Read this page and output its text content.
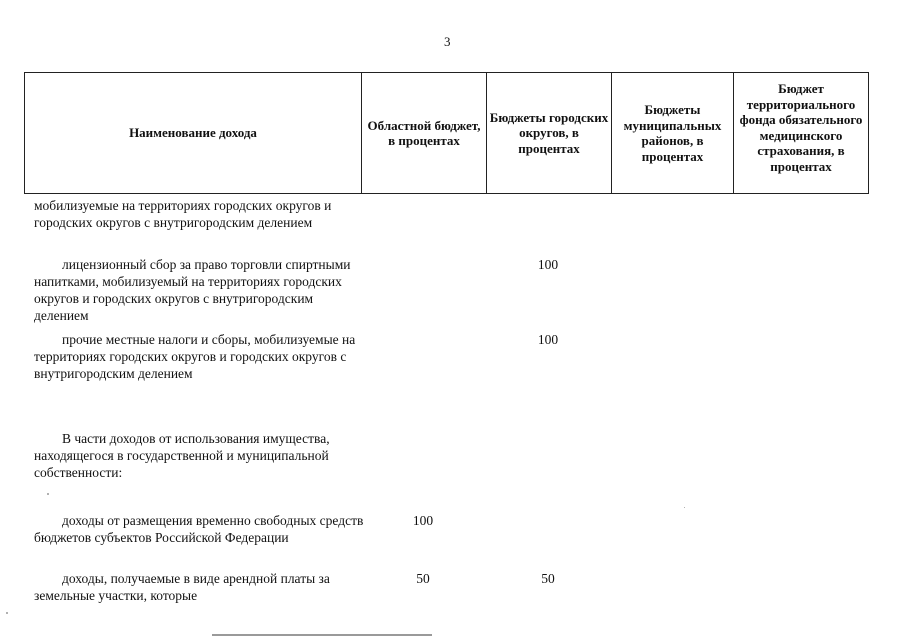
3
Наименование дохода
Областной бюджет, в процентах
Бюджеты городских округов, в процентах
Бюджеты муниципальных районов, в процентах
Бюджет территориального фонда обязательного медицинского страхования, в процентах
мобилизуемые на территориях городских округов и городских округов с внутригородским делением
лицензионный сбор за право торговли спиртными напитками, мобилизуемый на территориях городских округов и городских округов с внутригородским делением
100
прочие местные налоги и сборы, мобилизуемые на территориях городских округов и городских округов с внутригородским делением
100
В части доходов от использования имущества, находящегося в государственной и муниципальной собственности:
доходы от размещения временно свободных средств бюджетов субъектов Российской Федерации
100
доходы, получаемые в виде арендной платы за земельные участки, которые
50	50
